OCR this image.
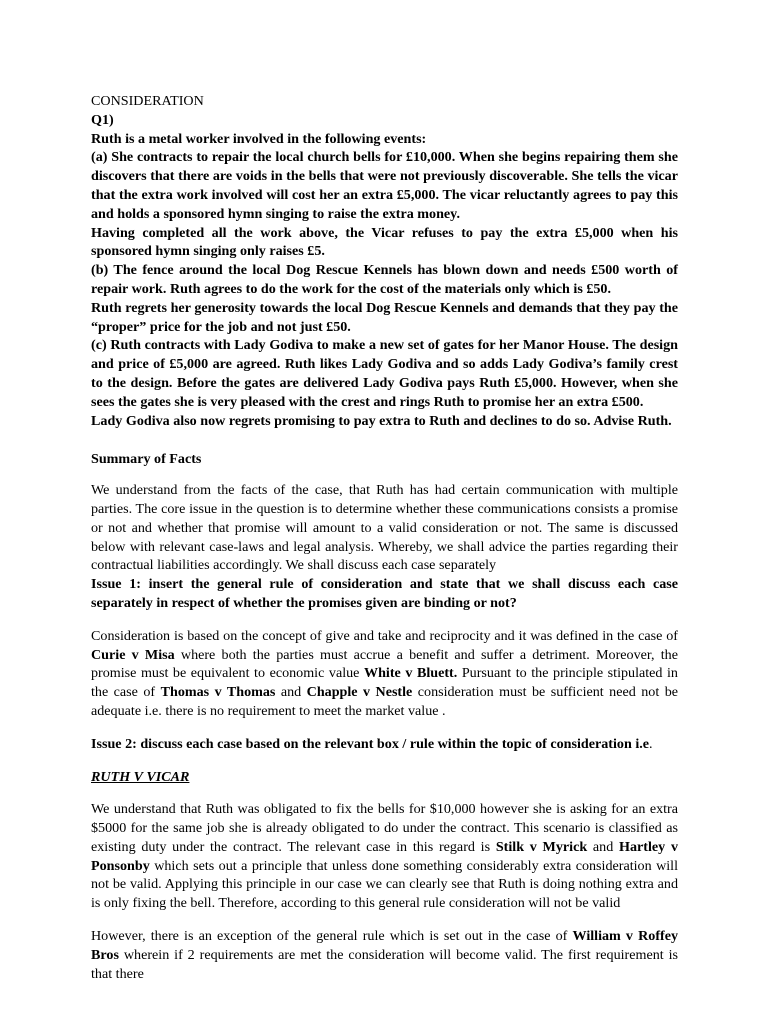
CONSIDERATION

Q1)

Ruth is a metal worker involved in the following events:

(a) She contracts to repair the local church bells for £10,000. When she begins repairing them she discovers that there are voids in the bells that were not previously discoverable. She tells the vicar that the extra work involved will cost her an extra £5,000. The vicar reluctantly agrees to pay this and holds a sponsored hymn singing to raise the extra money.

Having completed all the work above, the Vicar refuses to pay the extra £5,000 when his sponsored hymn singing only raises £5.

(b) The fence around the local Dog Rescue Kennels has blown down and needs £500 worth of repair work. Ruth agrees to do the work for the cost of the materials only which is £50.

Ruth regrets her generosity towards the local Dog Rescue Kennels and demands that they pay the “proper” price for the job and not just £50.

(c) Ruth contracts with Lady Godiva to make a new set of gates for her Manor House. The design and price of £5,000 are agreed. Ruth likes Lady Godiva and so adds Lady Godiva’s family crest to the design. Before the gates are delivered Lady Godiva pays Ruth £5,000. However, when she sees the gates she is very pleased with the crest and rings Ruth to promise her an extra £500.

Lady Godiva also now regrets promising to pay extra to Ruth and declines to do so. Advise Ruth.

Summary of Facts

We understand from the facts of the case, that Ruth has had certain communication with multiple parties. The core issue in the question is to determine whether these communications consists a promise or not and whether that promise will amount to a valid consideration or not. The same is discussed below with relevant case-laws and legal analysis. Whereby, we shall advice the parties regarding their contractual liabilities accordingly. We shall discuss each case separately

Issue 1: insert the general rule of consideration and state that we shall discuss each case separately in respect of whether the promises given are binding or not?

Consideration is based on the concept of give and take and reciprocity and it was defined in the case of Curie v Misa where both the parties must accrue a benefit and suffer a detriment. Moreover, the promise must be equivalent to economic value White v Bluett. Pursuant to the principle stipulated in the case of Thomas v Thomas and Chapple v Nestle consideration must be sufficient need not be adequate i.e. there is no requirement to meet the market value .

Issue 2: discuss each case based on the relevant box / rule within the topic of consideration i.e.

RUTH V VICAR

We understand that Ruth was obligated to fix the bells for $10,000 however she is asking for an extra $5000 for the same job she is already obligated to do under the contract. This scenario is classified as existing duty under the contract. The relevant case in this regard is Stilk v Myrick and Hartley v Ponsonby which sets out a principle that unless done something considerably extra consideration will not be valid. Applying this principle in our case we can clearly see that Ruth is doing nothing extra and is only fixing the bell. Therefore, according to this general rule consideration will not be valid

However, there is an exception of the general rule which is set out in the case of William v Roffey Bros wherein if 2 requirements are met the consideration will become valid. The first requirement is that there
